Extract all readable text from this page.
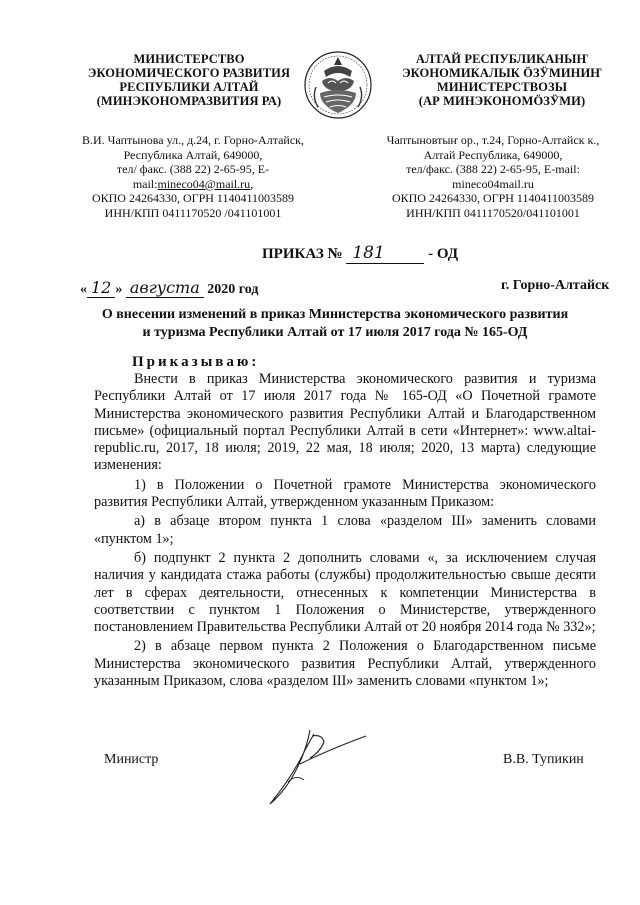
МИНИСТЕРСТВО
ЭКОНОМИЧЕСКОГО РАЗВИТИЯ
РЕСПУБЛИКИ АЛТАЙ
(МИНЭКОНОМРАЗВИТИЯ РА)
АЛТАЙ РЕСПУБЛИКАНЫҤ
ЭКОНОМИКАЛЫК ӦЗӰМИНИҤ
МИНИСТЕРСТВОЗЫ
(АР МИНЭКОНОМӦЗӰМИ)
В.И. Чаптынова ул., д.24, г. Горно-Алтайск,
Республика Алтай, 649000,
тел/ факс. (388 22) 2-65-95, E-
mail:mineco04@mail.ru,
ОКПО 24264330, ОГРН 1140411003589
ИНН/КПП 0411170520 /041101001
Чаптыновтыҥ ор., т.24, Горно-Алтайск к.,
Алтай Республика, 649000,
тел/факс. (388 22) 2-65-95, E-mail:
mineco04mail.ru
ОКПО 24264330, ОГРН 1140411003589
ИНН/КПП 0411170520/041101001
ПРИКАЗ № 181	- ОД
« 12 » августа 2020 год	г. Горно-Алтайск
О внесении изменений в приказ Министерства экономического развития
и туризма Республики Алтай от 17 июля 2017 года № 165-ОД
Приказываю:

Внести в приказ Министерства экономического развития и туризма Республики Алтай от 17 июля 2017 года № 165-ОД «О Почетной грамоте Министерства экономического развития Республики Алтай и Благодарственном письме» (официальный портал Республики Алтай в сети «Интернет»: www.altai-republic.ru, 2017, 18 июля; 2019, 22 мая, 18 июля; 2020, 13 марта) следующие изменения:

1) в Положении о Почетной грамоте Министерства экономического развития Республики Алтай, утвержденном указанным Приказом:

а) в абзаце втором пункта 1 слова «разделом III» заменить словами «пунктом 1»;

б) подпункт 2 пункта 2 дополнить словами «, за исключением случая наличия у кандидата стажа работы (службы) продолжительностью свыше десяти лет в сферах деятельности, отнесенных к компетенции Министерства в соответствии с пунктом 1 Положения о Министерстве, утвержденного постановлением Правительства Республики Алтай от 20 ноября 2014 года № 332»;

2) в абзаце первом пункта 2 Положения о Благодарственном письме Министерства экономического развития Республики Алтай, утвержденного указанным Приказом, слова «разделом III» заменить словами «пунктом 1»;

Министр	В.В. Тупикин
